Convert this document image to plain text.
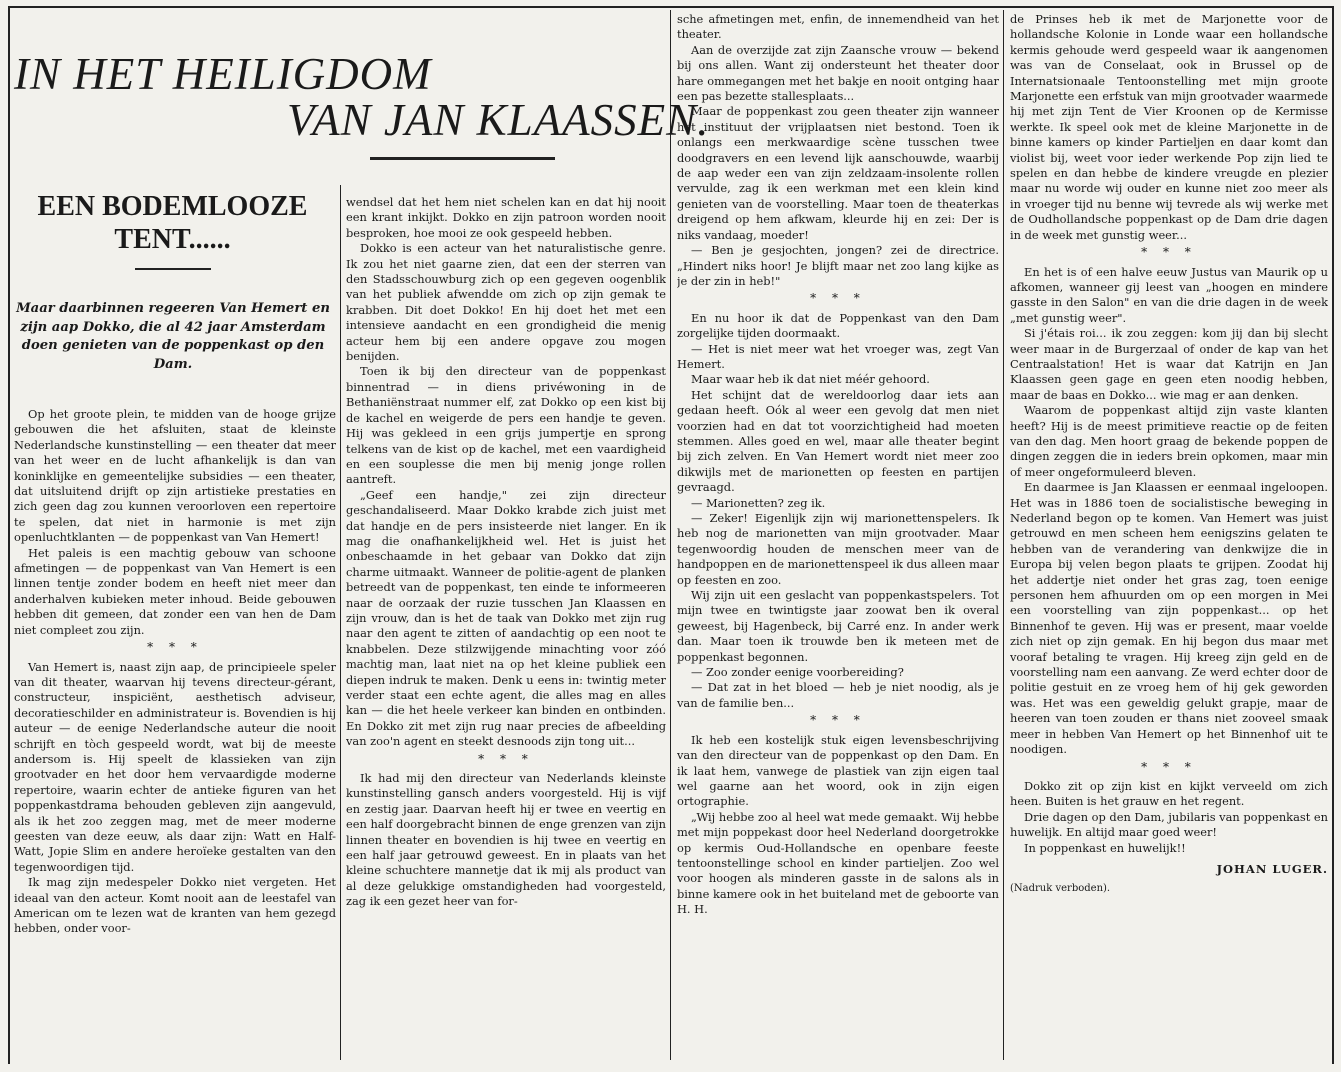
IN HET HEILIGDOM
VAN JAN KLAASSEN.
EEN BODEMLOOZE TENT......
Maar daarbinnen regeeren Van Hemert en zijn aap Dokko, die al 42 jaar Amsterdam doen genieten van de poppenkast op den Dam.

Op het groote plein, te midden van de hooge grijze gebouwen die het afsluiten, staat de kleinste Nederlandsche kunstinstelling — een theater dat meer van het weer en de lucht afhankelijk is dan van koninklijke en gemeentelijke subsidies — een theater, dat uitsluitend drijft op zijn artistieke prestaties en zich geen dag zou kunnen veroorloven een repertoire te spelen, dat niet in harmonie is met zijn openluchtklanten — de poppenkast van Van Hemert!

Het paleis is een machtig gebouw van schoone afmetingen — de poppenkast van Van Hemert is een linnen tentje zonder bodem en heeft niet meer dan anderhalven kubieken meter inhoud. Beide gebouwen hebben dit gemeen, dat zonder een van hen de Dam niet compleet zou zijn.

* * *

Van Hemert is, naast zijn aap, de principieele speler van dit theater, waarvan hij tevens directeur-gérant, constructeur, inspiciënt, aesthetisch adviseur, decoratieschilder en administrateur is. Bovendien is hij auteur — de eenige Nederlandsche auteur die nooit schrijft en tòch gespeeld wordt, wat bij de meeste andersom is. Hij speelt de klassieken van zijn grootvader en het door hem vervaardigde moderne repertoire, waarin echter de antieke figuren van het poppenkastdrama behouden gebleven zijn aangevuld, als ik het zoo zeggen mag, met de meer moderne geesten van deze eeuw, als daar zijn: Watt en Half-Watt, Jopie Slim en andere heroïeke gestalten van den tegenwoordigen tijd.

Ik mag zijn medespeler Dokko niet vergeten. Het ideaal van den acteur. Komt nooit aan de leestafel van American om te lezen wat de kranten van hem gezegd hebben, onder voor-

wendsel dat het hem niet schelen kan en dat hij nooit een krant inkijkt. Dokko en zijn patroon worden nooit besproken, hoe mooi ze ook gespeeld hebben.

Dokko is een acteur van het naturalistische genre. Ik zou het niet gaarne zien, dat een der sterren van den Stadsschouwburg zich op een gegeven oogenblik van het publiek afwendde om zich op zijn gemak te krabben. Dit doet Dokko! En hij doet het met een intensieve aandacht en een grondigheid die menig acteur hem bij een andere opgave zou mogen benijden.

Toen ik bij den directeur van de poppenkast binnentrad — in diens privéwoning in de Bethaniënstraat nummer elf, zat Dokko op een kist bij de kachel en weigerde de pers een handje te geven. Hij was gekleed in een grijs jumpertje en sprong telkens van de kist op de kachel, met een vaardigheid en een souplesse die men bij menig jonge rollen aantreft.

„Geef een handje," zei zijn directeur geschandaliseerd. Maar Dokko krabde zich juist met dat handje en de pers insisteerde niet langer. En ik mag die onafhankelijkheid wel. Het is juist het onbeschaamde in het gebaar van Dokko dat zijn charme uitmaakt. Wanneer de politie-agent de planken betreedt van de poppenkast, ten einde te informeeren naar de oorzaak der ruzie tusschen Jan Klaassen en zijn vrouw, dan is het de taak van Dokko met zijn rug naar den agent te zitten of aandachtig op een noot te knabbelen. Deze stilzwijgende minachting voor zóó machtig man, laat niet na op het kleine publiek een diepen indruk te maken. Denk u eens in: twintig meter verder staat een echte agent, die alles mag en alles kan — die het heele verkeer kan binden en ontbinden. En Dokko zit met zijn rug naar precies de afbeelding van zoo'n agent en steekt desnoods zijn tong uit...

* * *

Ik had mij den directeur van Nederlands kleinste kunstinstelling gansch anders voorgesteld. Hij is vijf en zestig jaar. Daarvan heeft hij er twee en veertig en een half doorgebracht binnen de enge grenzen van zijn linnen theater en bovendien is hij twee en veertig en een half jaar getrouwd geweest. En in plaats van het kleine schuchtere mannetje dat ik mij als product van al deze gelukkige omstandigheden had voorgesteld, zag ik een gezet heer van for-

sche afmetingen met, enfin, de innemendheid van het theater.

Aan de overzijde zat zijn Zaansche vrouw — bekend bij ons allen. Want zij ondersteunt het theater door hare ommegangen met het bakje en nooit ontging haar een pas bezette stallesplaats...

Maar de poppenkast zou geen theater zijn wanneer het instituut der vrijplaatsen niet bestond. Toen ik onlangs een merkwaardige scène tusschen twee doodgravers en een levend lijk aanschouwde, waarbij de aap weder een van zijn zeldzaam-insolente rollen vervulde, zag ik een werkman met een klein kind genieten van de voorstelling. Maar toen de theaterkas dreigend op hem afkwam, kleurde hij en zei: Der is niks vandaag, moeder!

— Ben je gesjochten, jongen? zei de directrice. „Hindert niks hoor! Je blijft maar net zoo lang kijke as je der zin in heb!"

* * *

En nu hoor ik dat de Poppenkast van den Dam zorgelijke tijden doormaakt.

— Het is niet meer wat het vroeger was, zegt Van Hemert.

Maar waar heb ik dat niet méér gehoord.

Het schijnt dat de wereldoorlog daar iets aan gedaan heeft. Oók al weer een gevolg dat men niet voorzien had en dat tot voorzichtigheid had moeten stemmen. Alles goed en wel, maar alle theater begint bij zich zelven. En Van Hemert wordt niet meer zoo dikwijls met de marionetten op feesten en partijen gevraagd.

— Marionetten? zeg ik.

— Zeker! Eigenlijk zijn wij marionettenspelers. Ik heb nog de marionetten van mijn grootvader. Maar tegenwoordig houden de menschen meer van de handpoppen en de marionettenspeel ik dus alleen maar op feesten en zoo.

Wij zijn uit een geslacht van poppenkastspelers. Tot mijn twee en twintigste jaar zoowat ben ik overal geweest, bij Hagenbeck, bij Carré enz. In ander werk dan. Maar toen ik trouwde ben ik meteen met de poppenkast begonnen.

— Zoo zonder eenige voorbereiding?

— Dat zat in het bloed — heb je niet noodig, als je van de familie ben...

* * *

Ik heb een kostelijk stuk eigen levensbeschrijving van den directeur van de poppenkast op den Dam. En ik laat hem, vanwege de plastiek van zijn eigen taal wel gaarne aan het woord, ook in zijn eigen ortographie.

„Wij hebbe zoo al heel wat mede gemaakt. Wij hebbe met mijn poppekast door heel Nederland doorgetrokke op kermis Oud-Hollandsche en openbare feeste tentoonstellinge school en kinder partieljen. Zoo wel voor hoogen als minderen gasste in de salons als in binne kamere ook in het buiteland met de geboorte van H. H.

de Prinses heb ik met de Marjonette voor de hollandsche Kolonie in Londe waar een hollandsche kermis gehoude werd gespeeld waar ik aangenomen was van de Conselaat, ook in Brussel op de Internatsionaale Tentoonstelling met mijn groote Marjonette een erfstuk van mijn grootvader waarmede hij met zijn Tent de Vier Kroonen op de Kermisse werkte. Ik speel ook met de kleine Marjonette in de binne kamers op kinder Partieljen en daar komt dan violist bij, weet voor ieder werkende Pop zijn lied te spelen en dan hebbe de kindere vreugde en plezier maar nu worde wij ouder en kunne niet zoo meer als in vroeger tijd nu benne wij tevrede als wij werke met de Oudhollandsche poppenkast op de Dam drie dagen in de week met gunstig weer...

* * *

En het is of een halve eeuw Justus van Maurik op u afkomen, wanneer gij leest van „hoogen en mindere gasste in den Salon" en van die drie dagen in de week „met gunstig weer".

Si j'étais roi... ik zou zeggen: kom jij dan bij slecht weer maar in de Burgerzaal of onder de kap van het Centraalstation! Het is waar dat Katrijn en Jan Klaassen geen gage en geen eten noodig hebben, maar de baas en Dokko... wie mag er aan denken.

Waarom de poppenkast altijd zijn vaste klanten heeft? Hij is de meest primitieve reactie op de feiten van den dag. Men hoort graag de bekende poppen de dingen zeggen die in ieders brein opkomen, maar min of meer ongeformuleerd bleven.

En daarmee is Jan Klaassen er eenmaal ingeloopen. Het was in 1886 toen de socialistische beweging in Nederland begon op te komen. Van Hemert was juist getrouwd en men scheen hem eenigszins gelaten te hebben van de verandering van denkwijze die in Europa bij velen begon plaats te grijpen. Zoodat hij het addertje niet onder het gras zag, toen eenige personen hem afhuurden om op een morgen in Mei een voorstelling van zijn poppenkast... op het Binnenhof te geven. Hij was er present, maar voelde zich niet op zijn gemak. En hij begon dus maar met vooraf betaling te vragen. Hij kreeg zijn geld en de voorstelling nam een aanvang. Ze werd echter door de politie gestuit en ze vroeg hem of hij gek geworden was. Het was een geweldig gelukt grapje, maar de heeren van toen zouden er thans niet zooveel smaak meer in hebben Van Hemert op het Binnenhof uit te noodigen.

* * *

Dokko zit op zijn kist en kijkt verveeld om zich heen. Buiten is het grauw en het regent.

Drie dagen op den Dam, jubilaris van poppenkast en huwelijk. En altijd maar goed weer!

In poppenkast en huwelijk!!

JOHAN LUGER.
(Nadruk verboden).
